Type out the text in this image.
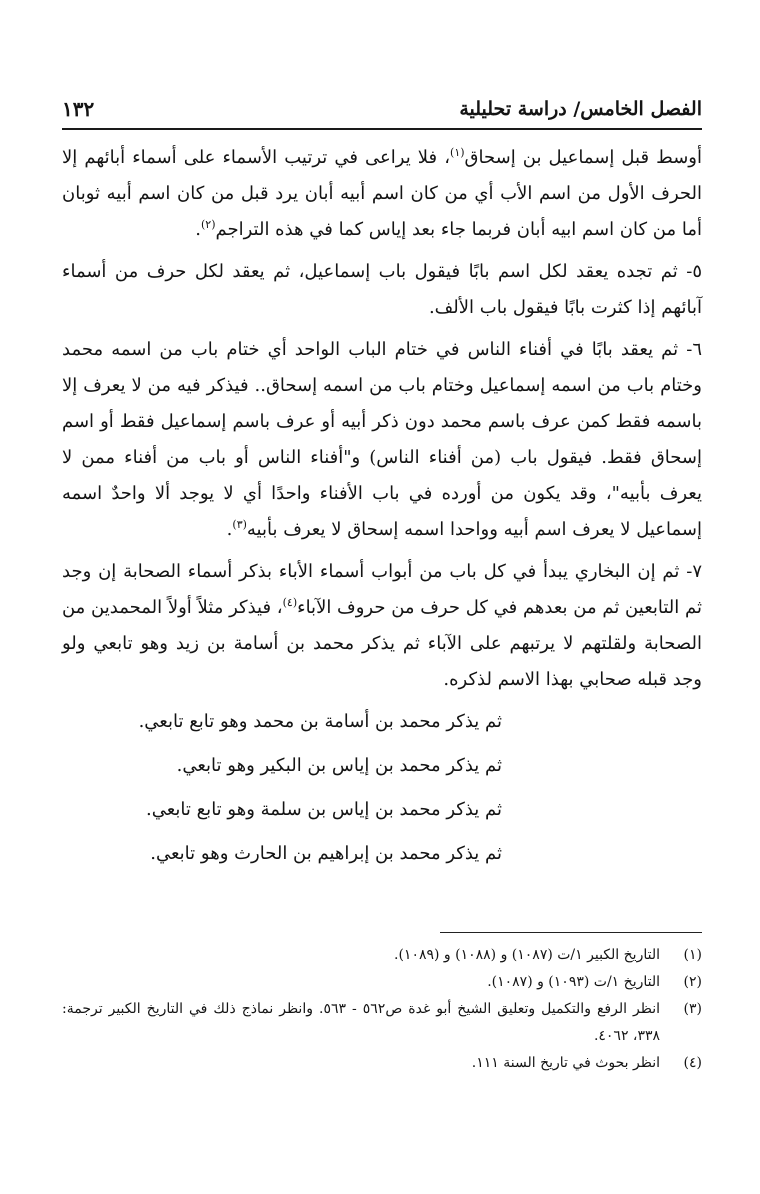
١٣٢	الفصل الخامس/ دراسة تحليلية

أوسط قبل إسماعيل بن إسحاق$^{(١)}$، فلا يراعى في ترتيب الأسماء على أسماء أبائهم إلا الحرف الأول من اسم الأب أي من كان اسم أبيه أبان يرد قبل من كان اسم أبيه ثوبان أما من كان اسم ابيه أبان فربما جاء بعد إياس كما في هذه التراجم$^{(٢)}$.

٥- ثم تجده يعقد لكل اسم بابًا فيقول باب إسماعيل، ثم يعقد لكل حرف من أسماء آبائهم إذا كثرت بابًا فيقول باب الألف.

٦- ثم يعقد بابًا في أفناء الناس في ختام الباب الواحد أي ختام باب من اسمه محمد وختام باب من اسمه إسماعيل وختام باب من اسمه إسحاق.. فيذكر فيه من لا يعرف إلا باسمه فقط كمن عرف باسم محمد دون ذكر أبيه أو عرف باسم إسماعيل فقط أو اسم إسحاق فقط. فيقول باب (من أفناء الناس) و"أفناء الناس أو باب من أفناء ممن لا يعرف بأبيه"، وقد يكون من أورده في باب الأفناء واحدًا أي لا يوجد ألا واحدٌ اسمه إسماعيل لا يعرف اسم أبيه وواحدا اسمه إسحاق لا يعرف بأبيه$^{(٣)}$.

٧- ثم إن البخاري يبدأ في كل باب من أبواب أسماء الأباء بذكر أسماء الصحابة إن وجد ثم التابعين ثم من بعدهم في كل حرف من حروف الآباء$^{(٤)}$، فيذكر مثلاً أولاً المحمدين من الصحابة ولقلتهم لا يرتبهم على الآباء ثم يذكر محمد بن أسامة بن زيد وهو تابعي ولو وجد قبله صحابي بهذا الاسم لذكره.

ثم يذكر محمد بن أسامة بن محمد وهو تابع تابعي.
ثم يذكر محمد بن إياس بن البكير وهو تابعي.
ثم يذكر محمد بن إياس بن سلمة وهو تابع تابعي.
ثم يذكر محمد بن إبراهيم بن الحارث وهو تابعي.
(١)
التاريخ الكبير ١/ت (١٠٨٧) و (١٠٨٨) و (١٠٨٩).
(٢)
التاريخ ١/ت (١٠٩٣) و (١٠٨٧).
(٣)
انظر الرفع والتكميل وتعليق الشيخ أبو غدة ص٥٦٢ - ٥٦٣. وانظر نماذج ذلك في التاريخ الكبير ترجمة: ٣٣٨، ٤٠٦٢.
(٤)
انظر بحوث في تاريخ السنة ١١١.
